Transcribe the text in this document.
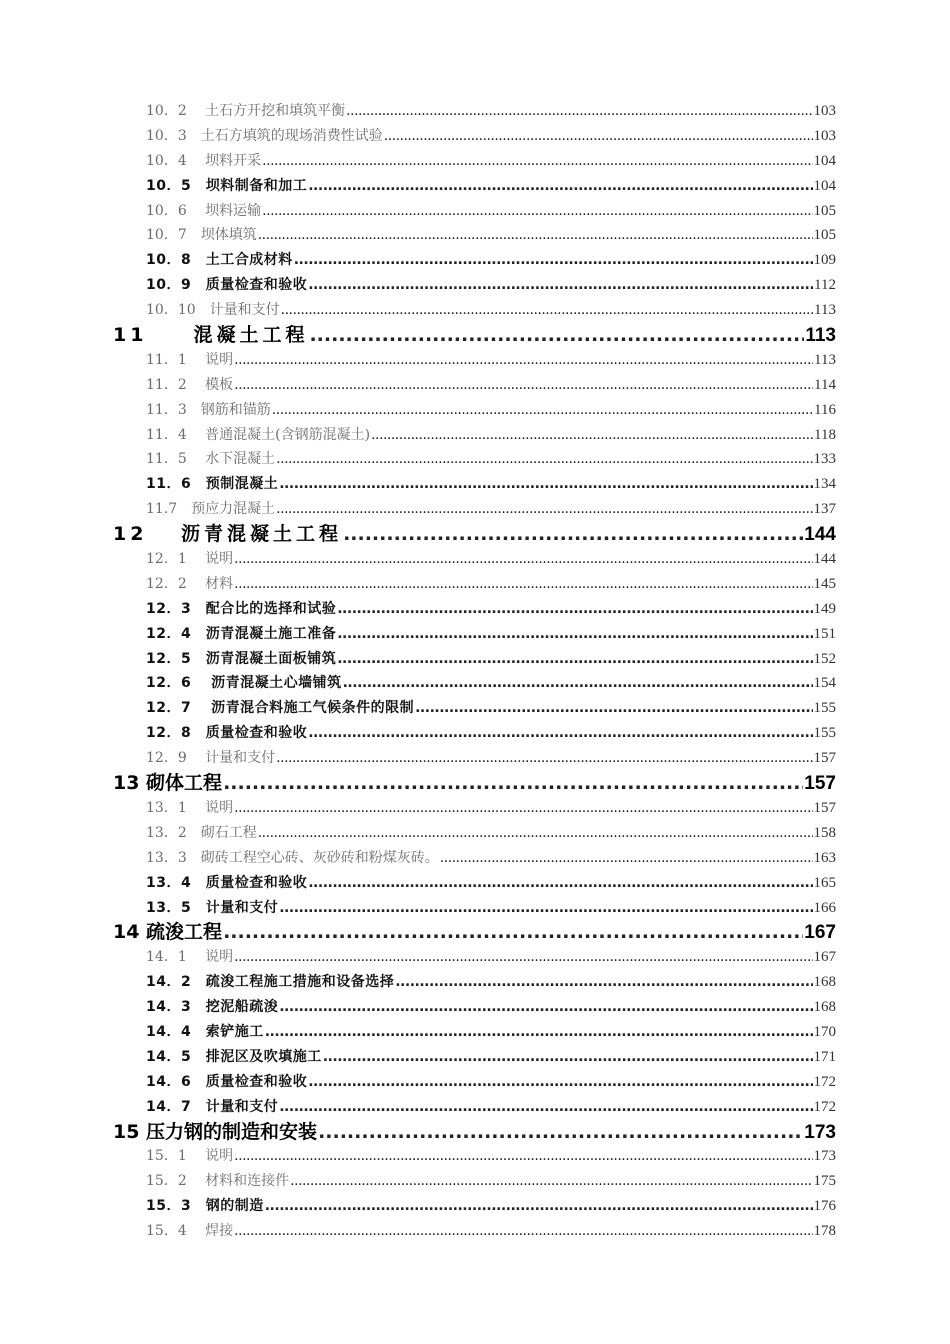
10．2　 土石方开挖和填筑平衡 .....	103
10．3　土石方填筑的现场消费性试验 .....	103
10．4　 坝料开采 .....	104
10．5　坝料制备和加工 .....	104
10．6　 坝料运输 .....	105
10．7　坝体填筑 .....	105
10．8　土工合成材料 .....	109
10．9　质量检查和验收 .....	112
10．10　计量和支付 .....	113
11　　混凝土工程 .....	113
11．1　 说明 .....	113
11．2　 模板 .....	114
11．3　钢筋和锚筋 .....	116
11．4　 普通混凝土(含钢筋混凝土) .....	118
11．5　 水下混凝土 .....	133
11．6　预制混凝土 .....	134
11.7　预应力混凝土 .....	137
12　 沥青混凝土工程 .....	144
12．1　 说明 .....	144
12．2　 材料 .....	145
12．3　配合比的选择和试验 .....	149
12．4　沥青混凝土施工准备 .....	151
12．5　沥青混凝土面板铺筑 .....	152
12．6　 沥青混凝土心墙铺筑 .....	154
12．7　 沥青混合料施工气候条件的限制 .....	155
12．8　质量检查和验收 .....	155
12．9　 计量和支付 .....	157
13 砌体工程 .....	157
13．1　 说明 .....	157
13．2　砌石工程 .....	158
13．3　砌砖工程空心砖、灰砂砖和粉煤灰砖。 .....	163
13．4　质量检查和验收 .....	165
13．5　计量和支付 .....	166
14 疏浚工程 .....	167
14．1　 说明 .....	167
14．2　疏浚工程施工措施和设备选择 .....	168
14．3　挖泥船疏浚 .....	168
14．4　索铲施工 .....	170
14．5　排泥区及吹填施工 .....	171
14．6　质量检查和验收 .....	172
14．7　计量和支付 .....	172
15 压力钢的制造和安装 .....	173
15．1　 说明 .....	173
15．2　 材料和连接件 .....	175
15．3　钢的制造 .....	176
15．4　 焊接 .....	178
